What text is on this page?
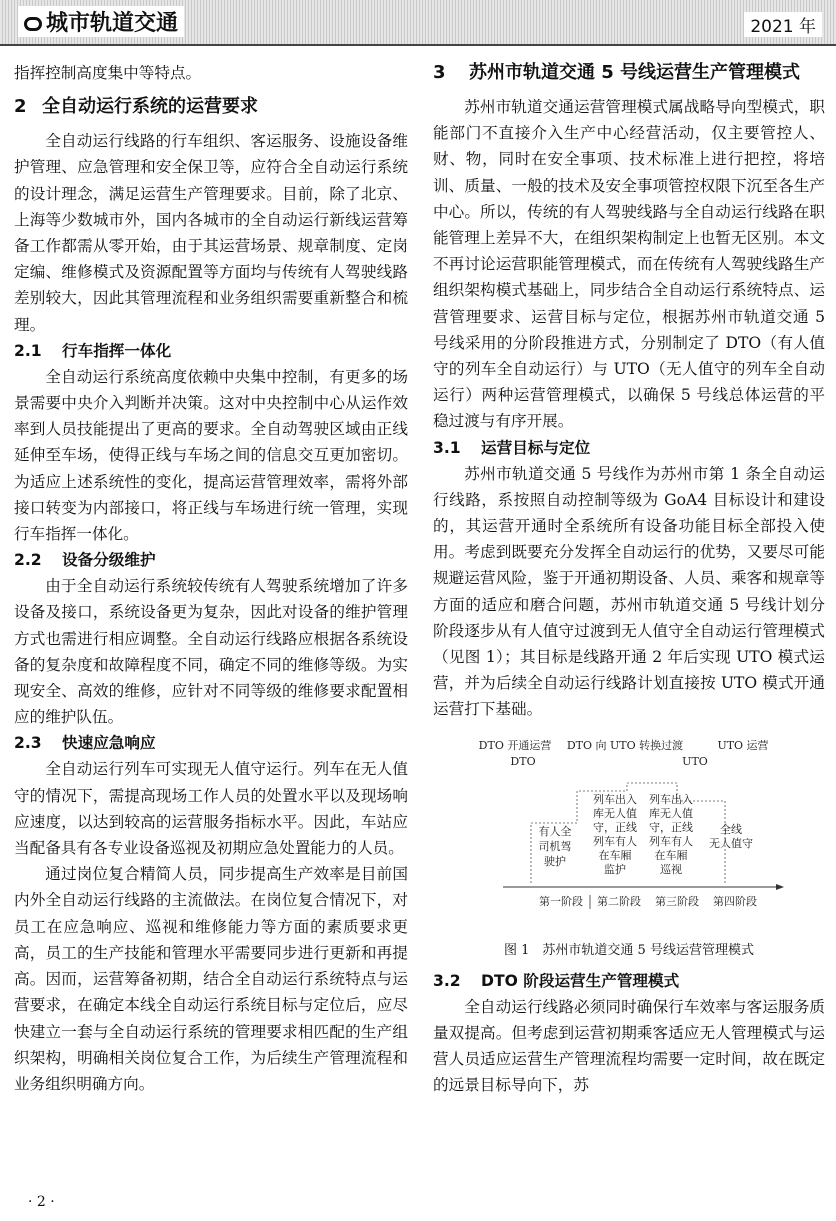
城市轨道交通	2021 年

指挥控制高度集中等特点。

2 全自动运行系统的运营要求

全自动运行线路的行车组织、客运服务、设施设备维护管理、应急管理和安全保卫等，应符合全自动运行系统的设计理念，满足运营生产管理要求。目前，除了北京、上海等少数城市外，国内各城市的全自动运行新线运营筹备工作都需从零开始，由于其运营场景、规章制度、定岗定编、维修模式及资源配置等方面均与传统有人驾驶线路差别较大，因此其管理流程和业务组织需要重新整合和梳理。

2.1 行车指挥一体化

全自动运行系统高度依赖中央集中控制，有更多的场景需要中央介入判断并决策。这对中央控制中心从运作效率到人员技能提出了更高的要求。全自动驾驶区域由正线延伸至车场，使得正线与车场之间的信息交互更加密切。为适应上述系统性的变化，提高运营管理效率，需将外部接口转变为内部接口，将正线与车场进行统一管理，实现行车指挥一体化。

2.2 设备分级维护

由于全自动运行系统较传统有人驾驶系统增加了许多设备及接口，系统设备更为复杂，因此对设备的维护管理方式也需进行相应调整。全自动运行线路应根据各系统设备的复杂度和故障程度不同，确定不同的维修等级。为实现安全、高效的维修，应针对不同等级的维修要求配置相应的维护队伍。

2.3 快速应急响应

全自动运行列车可实现无人值守运行。列车在无人值守的情况下，需提高现场工作人员的处置水平以及现场响应速度，以达到较高的运营服务指标水平。因此，车站应当配备具有各专业设备巡视及初期应急处置能力的人员。

通过岗位复合精简人员，同步提高生产效率是目前国内外全自动运行线路的主流做法。在岗位复合情况下，对员工在应急响应、巡视和维修能力等方面的素质要求更高，员工的生产技能和管理水平需要同步进行更新和再提高。因而，运营筹备初期，结合全自动运行系统特点与运营要求，在确定本线全自动运行系统目标与定位后，应尽快建立一套与全自动运行系统的管理要求相匹配的生产组织架构，明确相关岗位复合工作，为后续生产管理流程和业务组织明确方向。

3	苏州市轨道交通 5 号线运营生产管理模式

苏州市轨道交通运营管理模式属战略导向型模式，职能部门不直接介入生产中心经营活动，仅主要管控人、财、物，同时在安全事项、技术标准上进行把控，将培训、质量、一般的技术及安全事项管控权限下沉至各生产中心。所以，传统的有人驾驶线路与全自动运行线路在职能管理上差异不大，在组织架构制定上也暂无区别。本文不再讨论运营职能管理模式，而在传统有人驾驶线路生产组织架构模式基础上，同步结合全自动运行系统特点、运营管理要求、运营目标与定位，根据苏州市轨道交通 5 号线采用的分阶段推进方式，分别制定了 DTO（有人值守的列车全自动运行）与 UTO（无人值守的列车全自动运行）两种运营管理模式，以确保 5 号线总体运营的平稳过渡与有序开展。

3.1 运营目标与定位

苏州市轨道交通 5 号线作为苏州市第 1 条全自动运行线路，系按照自动控制等级为 GoA4 目标设计和建设的，其运营开通时全系统所有设备功能目标全部投入使用。考虑到既要充分发挥全自动运行的优势，又要尽可能规避运营风险，鉴于开通初期设备、人员、乘客和规章等方面的适应和磨合问题，苏州市轨道交通 5 号线计划分阶段逐步从有人值守过渡到无人值守全自动运行管理模式（见图 1）；其目标是线路开通 2 年后实现 UTO 模式运营，并为后续全自动运行线路计划直接按 UTO 模式开通运营打下基础。

DTO 开通运营 DTO 向 UTO 转换过渡	UTO 运营
DTO	UTO
有人全
司机驾
驶护
列车出入
库无人值
守，正线
列车有人
在车厢
监护
列车出入
库无人值
守，正线
列车有人
在车厢
巡视
全线
无人值守
第一阶段 第二阶段 第三阶段 第四阶段
图 1　苏州市轨道交通 5 号线运营管理模式
3.2 DTO 阶段运营生产管理模式

全自动运行线路必须同时确保行车效率与客运服务质量双提高。但考虑到运营初期乘客适应无人管理模式与运营人员适应运营生产管理流程均需要一定时间，故在既定的远景目标导向下，苏

· 2 ·
